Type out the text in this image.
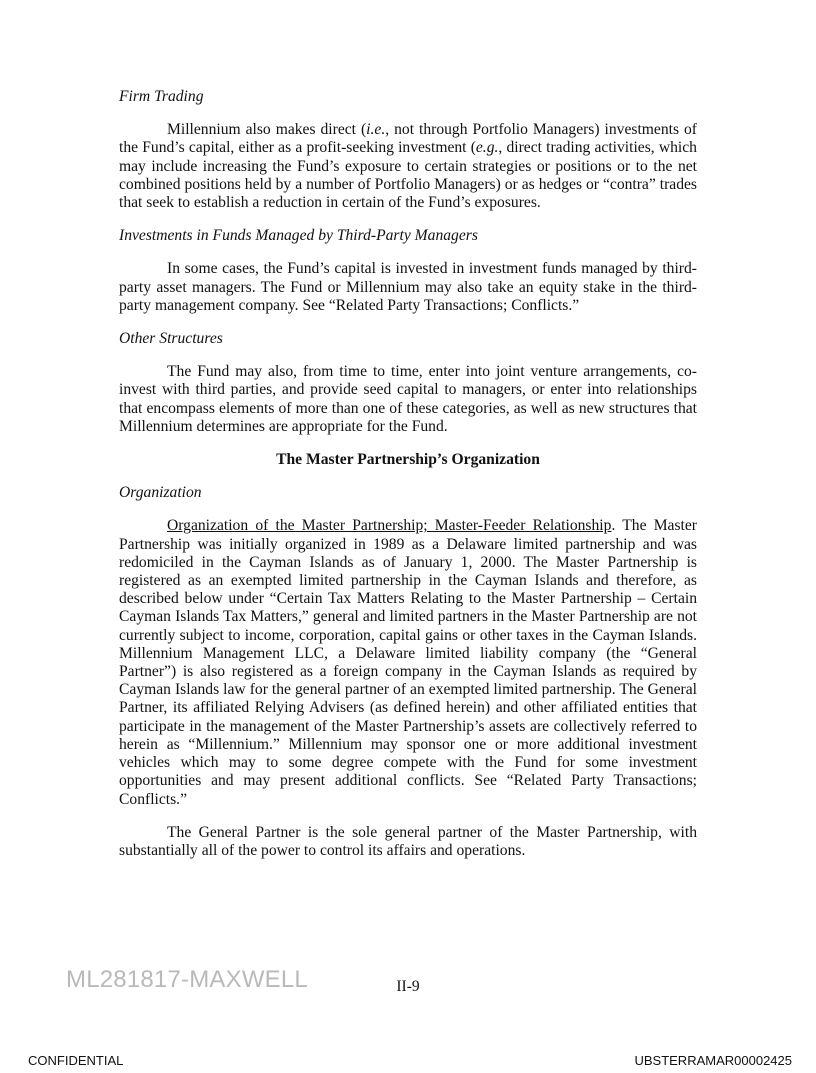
Firm Trading

Millennium also makes direct (i.e., not through Portfolio Managers) investments of the Fund’s capital, either as a profit-seeking investment (e.g., direct trading activities, which may include increasing the Fund’s exposure to certain strategies or positions or to the net combined positions held by a number of Portfolio Managers) or as hedges or “contra” trades that seek to establish a reduction in certain of the Fund’s exposures.

Investments in Funds Managed by Third-Party Managers

In some cases, the Fund’s capital is invested in investment funds managed by third-party asset managers. The Fund or Millennium may also take an equity stake in the third-party management company. See “Related Party Transactions; Conflicts.”

Other Structures

The Fund may also, from time to time, enter into joint venture arrangements, co-invest with third parties, and provide seed capital to managers, or enter into relationships that encompass elements of more than one of these categories, as well as new structures that Millennium determines are appropriate for the Fund.

The Master Partnership’s Organization

Organization

Organization of the Master Partnership; Master-Feeder Relationship. The Master Partnership was initially organized in 1989 as a Delaware limited partnership and was redomiciled in the Cayman Islands as of January 1, 2000. The Master Partnership is registered as an exempted limited partnership in the Cayman Islands and therefore, as described below under “Certain Tax Matters Relating to the Master Partnership – Certain Cayman Islands Tax Matters,” general and limited partners in the Master Partnership are not currently subject to income, corporation, capital gains or other taxes in the Cayman Islands. Millennium Management LLC, a Delaware limited liability company (the “General Partner”) is also registered as a foreign company in the Cayman Islands as required by Cayman Islands law for the general partner of an exempted limited partnership. The General Partner, its affiliated Relying Advisers (as defined herein) and other affiliated entities that participate in the management of the Master Partnership’s assets are collectively referred to herein as “Millennium.” Millennium may sponsor one or more additional investment vehicles which may to some degree compete with the Fund for some investment opportunities and may present additional conflicts. See “Related Party Transactions; Conflicts.”

The General Partner is the sole general partner of the Master Partnership, with substantially all of the power to control its affairs and operations.

ML281817-MAXWELL	II-9
CONFIDENTIAL	UBSTERRAMAR00002425
